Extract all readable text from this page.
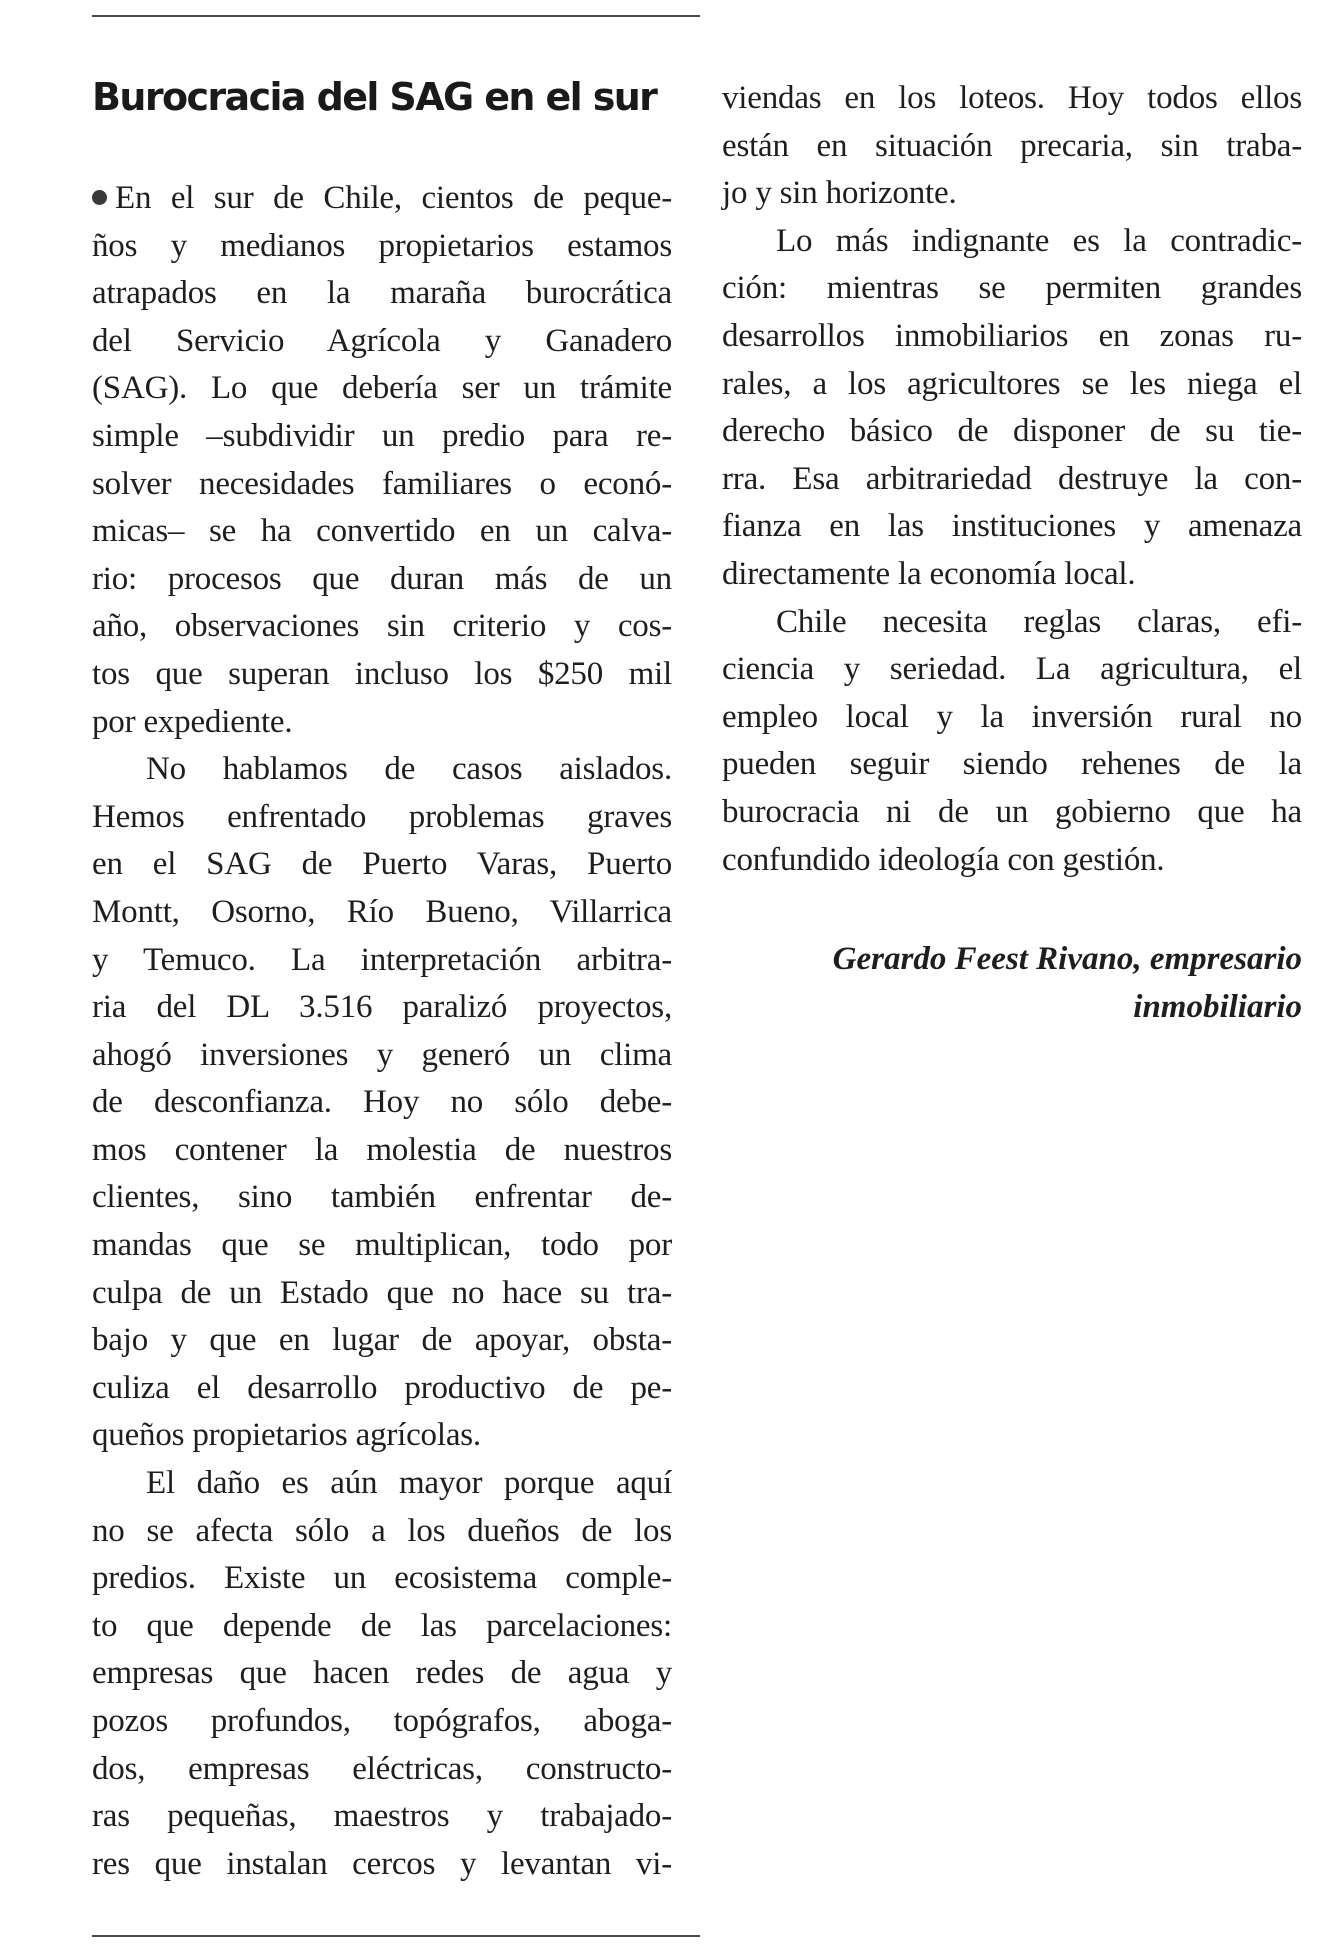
Burocracia del SAG en el sur
En el sur de Chile, cientos de peque-
ños y medianos propietarios estamos
atrapados en la maraña burocrática
del Servicio Agrícola y Ganadero
(SAG). Lo que debería ser un trámite
simple –subdividir un predio para re-
solver necesidades familiares o econó-
micas– se ha convertido en un calva-
rio: procesos que duran más de un
año, observaciones sin criterio y cos-
tos que superan incluso los $250 mil
por expediente.
No hablamos de casos aislados.
Hemos enfrentado problemas graves
en el SAG de Puerto Varas, Puerto
Montt, Osorno, Río Bueno, Villarrica
y Temuco. La interpretación arbitra-
ria del DL 3.516 paralizó proyectos,
ahogó inversiones y generó un clima
de desconfianza. Hoy no sólo debe-
mos contener la molestia de nuestros
clientes, sino también enfrentar de-
mandas que se multiplican, todo por
culpa de un Estado que no hace su tra-
bajo y que en lugar de apoyar, obsta-
culiza el desarrollo productivo de pe-
queños propietarios agrícolas.
El daño es aún mayor porque aquí
no se afecta sólo a los dueños de los
predios. Existe un ecosistema comple-
to que depende de las parcelaciones:
empresas que hacen redes de agua y
pozos profundos, topógrafos, aboga-
dos, empresas eléctricas, constructo-
ras pequeñas, maestros y trabajado-
res que instalan cercos y levantan vi-
viendas en los loteos. Hoy todos ellos
están en situación precaria, sin traba-
jo y sin horizonte.
Lo más indignante es la contradic-
ción: mientras se permiten grandes
desarrollos inmobiliarios en zonas ru-
rales, a los agricultores se les niega el
derecho básico de disponer de su tie-
rra. Esa arbitrariedad destruye la con-
fianza en las instituciones y amenaza
directamente la economía local.
Chile necesita reglas claras, efi-
ciencia y seriedad. La agricultura, el
empleo local y la inversión rural no
pueden seguir siendo rehenes de la
burocracia ni de un gobierno que ha
confundido ideología con gestión.
Gerardo Feest Rivano, empresario
inmobiliario
